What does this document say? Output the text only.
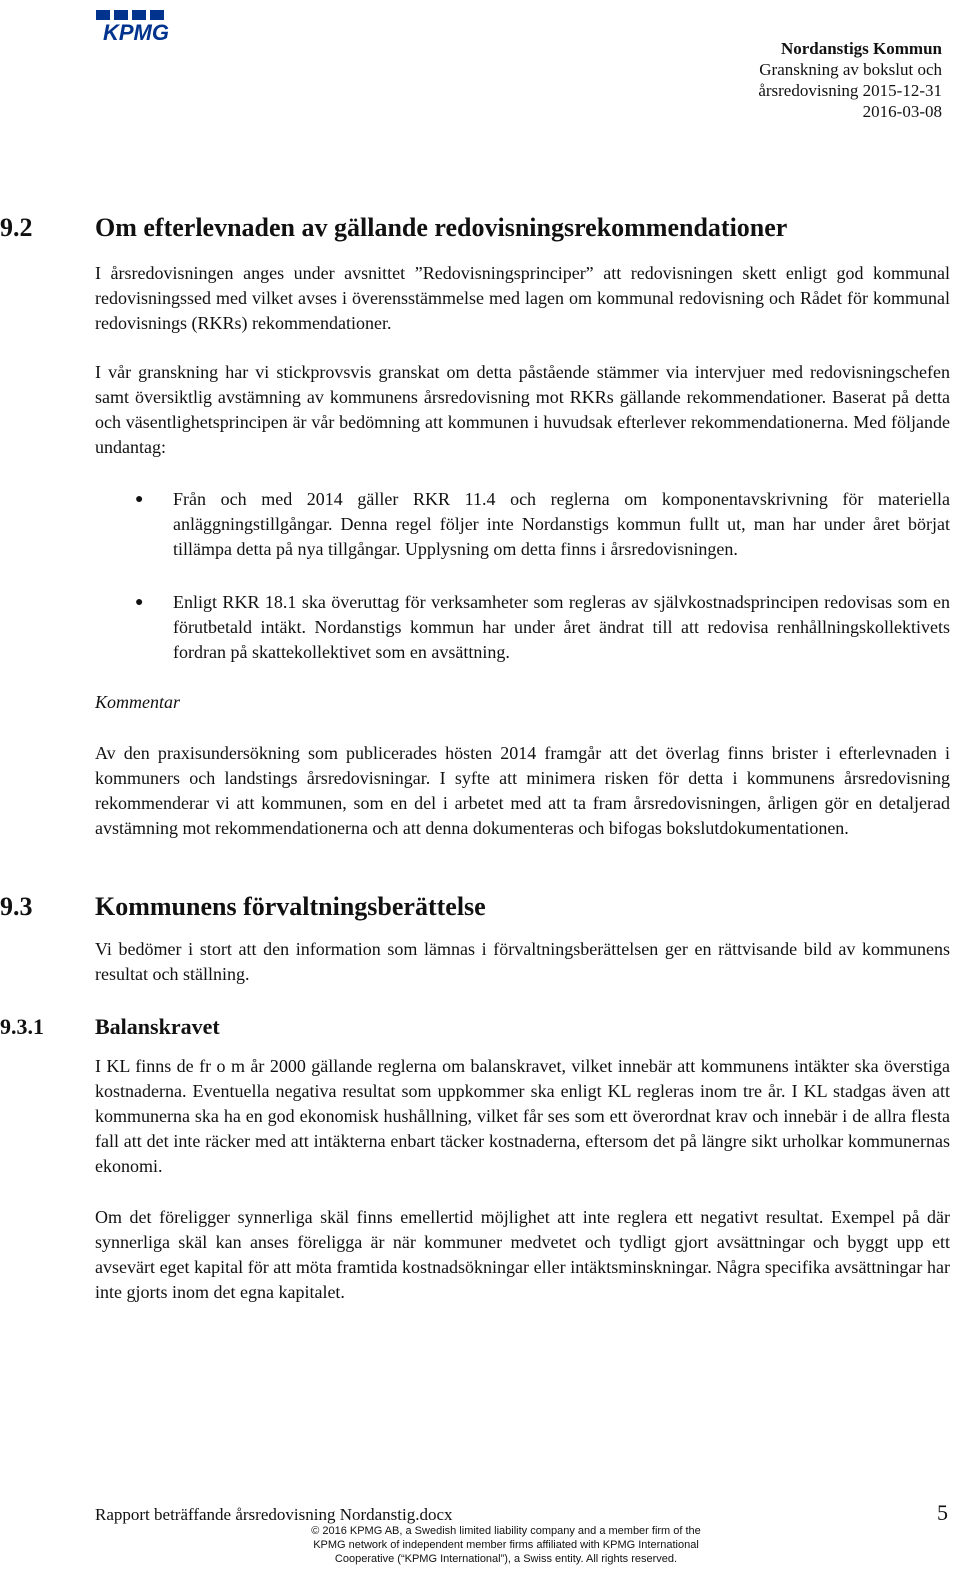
KPMG
Nordanstigs Kommun
Granskning av bokslut och
årsredovisning 2015-12-31
2016-03-08
9.2 Om efterlevnaden av gällande redovisningsrekommendationer

I årsredovisningen anges under avsnittet ”Redovisningsprinciper” att redovisningen skett enligt god kommunal redovisningssed med vilket avses i överensstämmelse med lagen om kommunal redovisning och Rådet för kommunal redovisnings (RKRs) rekommendationer.

I vår granskning har vi stickprovsvis granskat om detta påstående stämmer via intervjuer med redovisningschefen samt översiktlig avstämning av kommunens årsredovisning mot RKRs gällande rekommendationer. Baserat på detta och väsentlighetsprincipen är vår bedömning att kommunen i huvudsak efterlever rekommendationerna. Med följande undantag:

● Från och med 2014 gäller RKR 11.4 och reglerna om komponentavskrivning för materiella anläggningstillgångar. Denna regel följer inte Nordanstigs kommun fullt ut, man har under året börjat tillämpa detta på nya tillgångar. Upplysning om detta finns i årsredovisningen.
● Enligt RKR 18.1 ska överuttag för verksamheter som regleras av självkostnadsprincipen redovisas som en förutbetald intäkt. Nordanstigs kommun har under året ändrat till att redovisa renhållningskollektivets fordran på skattekollektivet som en avsättning.

Kommentar

Av den praxisundersökning som publicerades hösten 2014 framgår att det överlag finns brister i efterlevnaden i kommuners och landstings årsredovisningar. I syfte att minimera risken för detta i kommunens årsredovisning rekommenderar vi att kommunen, som en del i arbetet med att ta fram årsredovisningen, årligen gör en detaljerad avstämning mot rekommendationerna och att denna dokumenteras och bifogas bokslutdokumentationen.

9.3 Kommunens förvaltningsberättelse

Vi bedömer i stort att den information som lämnas i förvaltningsberättelsen ger en rättvisande bild av kommunens resultat och ställning.

9.3.1 Balanskravet

I KL finns de fr o m år 2000 gällande reglerna om balanskravet, vilket innebär att kommunens intäkter ska överstiga kostnaderna. Eventuella negativa resultat som uppkommer ska enligt KL regleras inom tre år. I KL stadgas även att kommunerna ska ha en god ekonomisk hushållning, vilket får ses som ett överordnat krav och innebär i de allra flesta fall att det inte räcker med att intäkterna enbart täcker kostnaderna, eftersom det på längre sikt urholkar kommunernas ekonomi.

Om det föreligger synnerliga skäl finns emellertid möjlighet att inte reglera ett negativt resultat. Exempel på där synnerliga skäl kan anses föreligga är när kommuner medvetet och tydligt gjort avsättningar och byggt upp ett avsevärt eget kapital för att möta framtida kostnadsökningar eller intäktsminskningar. Några specifika avsättningar har inte gjorts inom det egna kapitalet.

Rapport beträffande årsredovisning Nordanstig.docx	5
© 2016 KPMG AB, a Swedish limited liability company and a member firm of the
KPMG network of independent member firms affiliated with KPMG International
Cooperative (“KPMG International”), a Swiss entity. All rights reserved.
